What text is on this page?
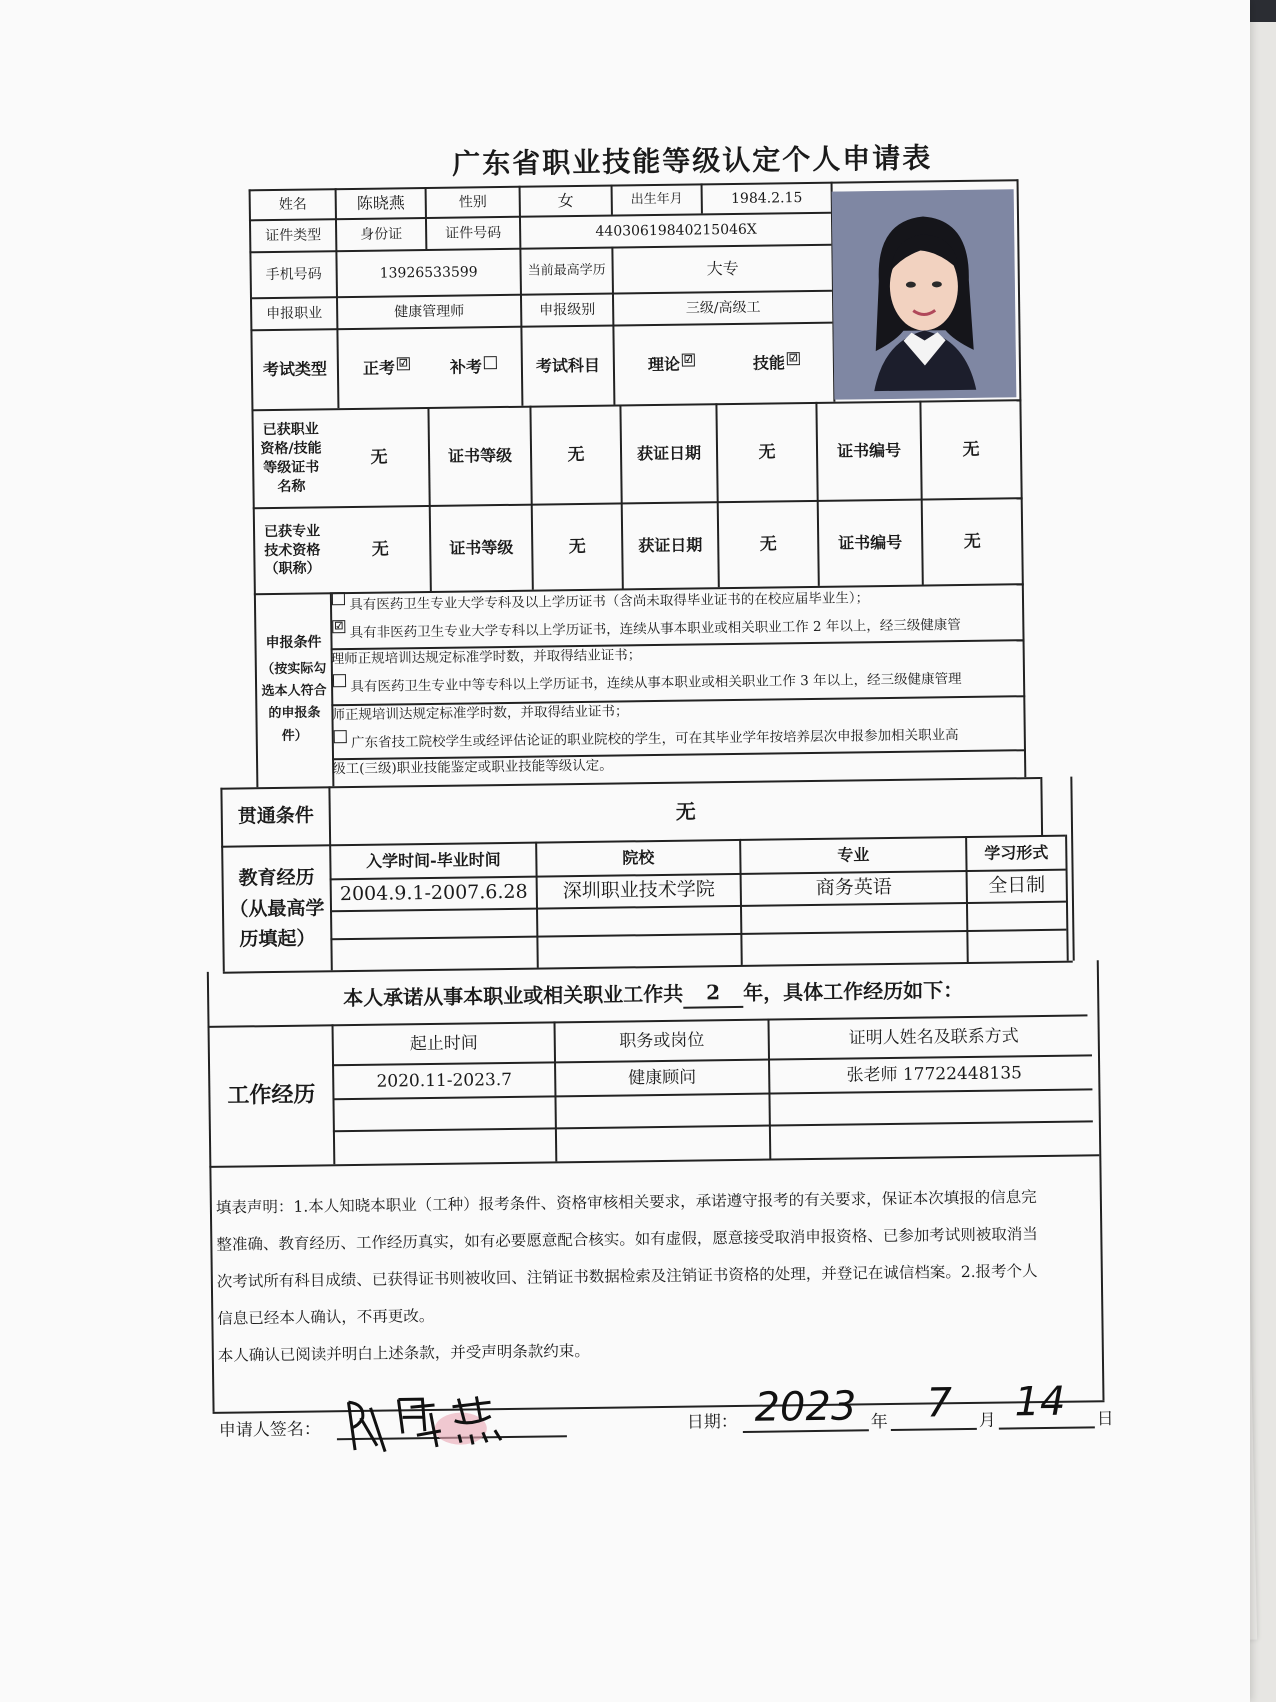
广东省职业技能等级认定个人申请表
姓名	陈晓燕	性别	女	出生年月	1984.2.15
证件类型	身份证	证件号码	44030619840215046X
手机号码	13926533599	当前最高学历	大专
申报职业	健康管理师	申报级别	三级/高级工
考试类型	正考 ☑	补考	考试科目	理论 ☑	技能 ☑
已获职业资格/技能等级证书名称
无	证书等级	无	获证日期	无	证书编号	无
已获专业技术资格（职称）
无	证书等级	无	获证日期	无	证书编号	无
申报条件
（按实际勾选本人符合的申报条件）
具有医药卫生专业大学专科及以上学历证书（含尚未取得毕业证书的在校应届毕业生）；
☑ 具有非医药卫生专业大学专科以上学历证书，连续从事本职业或相关职业工作 2 年以上，经三级健康管
理师正规培训达规定标准学时数，并取得结业证书；
具有医药卫生专业中等专科以上学历证书，连续从事本职业或相关职业工作 3 年以上，经三级健康管理
师正规培训达规定标准学时数，并取得结业证书；
广东省技工院校学生或经评估论证的职业院校的学生，可在其毕业学年按培养层次申报参加相关职业高
级工(三级)职业技能鉴定或职业技能等级认定。
贯通条件	无
教育经历（从最高学历填起）
入学时间-毕业时间	院校	专业	学习形式
2004.9.1-2007.6.28	深圳职业技术学院	商务英语	全日制
本人承诺从事本职业或相关职业工作共	2	年，具体工作经历如下：
工作经历
起止时间	职务或岗位	证明人姓名及联系方式
2020.11-2023.7	健康顾问	张老师 17722448135
填表声明：1.本人知晓本职业（工种）报考条件、资格审核相关要求，承诺遵守报考的有关要求，保证本次填报的信息完
整准确、教育经历、工作经历真实，如有必要愿意配合核实。如有虚假，愿意接受取消申报资格、已参加考试则被取消当
次考试所有科目成绩、已获得证书则被收回、注销证书数据检索及注销证书资格的处理，并登记在诚信档案。2.报考个人
信息已经本人确认，不再更改。
本人确认已阅读并明白上述条款，并受声明条款约束。
申请人签名：	日期： 2023 年 7 月 14 日
